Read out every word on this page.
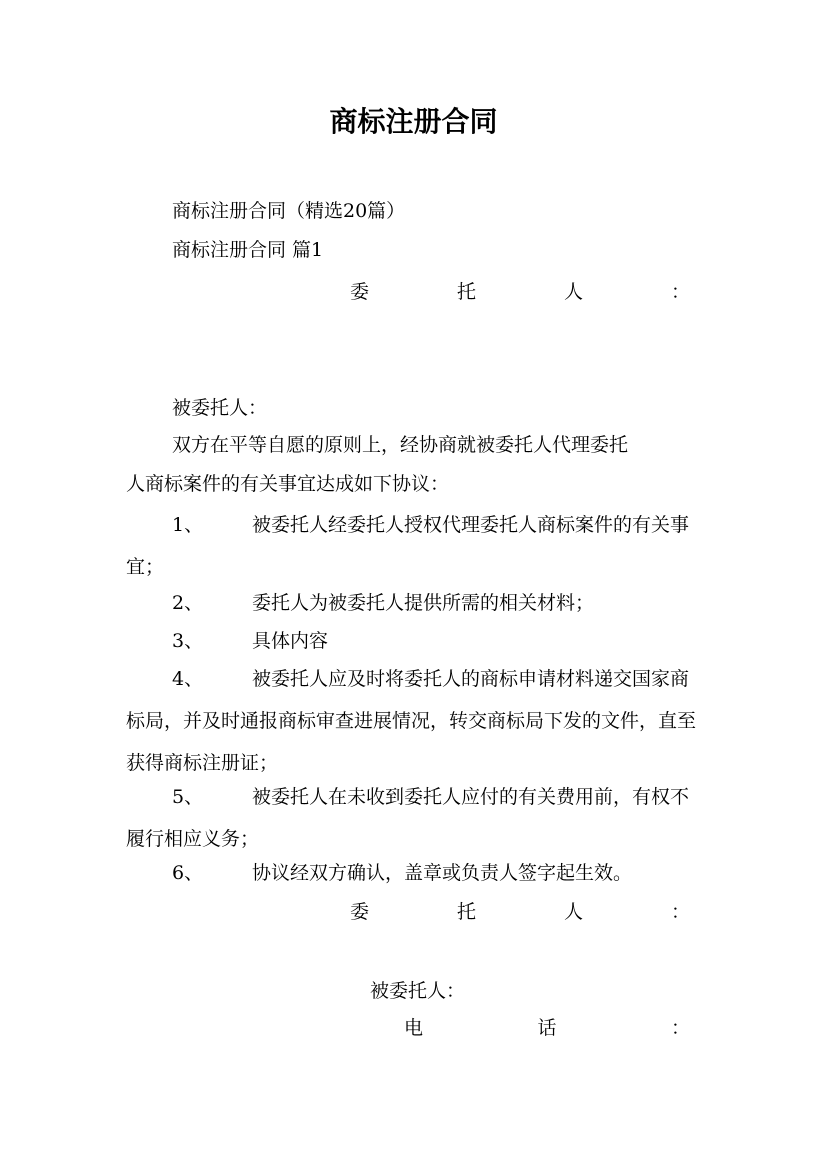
商标注册合同
商标注册合同（精选20篇）
商标注册合同 篇1
委	托	人	：
被委托人：
双方在平等自愿的原则上，经协商就被委托人代理委托
人商标案件的有关事宜达成如下协议：
1、	被委托人经委托人授权代理委托人商标案件的有关事宜；
2、	委托人为被委托人提供所需的相关材料；
3、	具体内容
4、	被委托人应及时将委托人的商标申请材料递交国家商标局，并及时通报商标审查进展情况，转交商标局下发的文件，直至获得商标注册证；
5、	被委托人在未收到委托人应付的有关费用前，有权不履行相应义务；
6、	协议经双方确认，盖章或负责人签字起生效。
委	托	人	：
被委托人：
电	话	：
